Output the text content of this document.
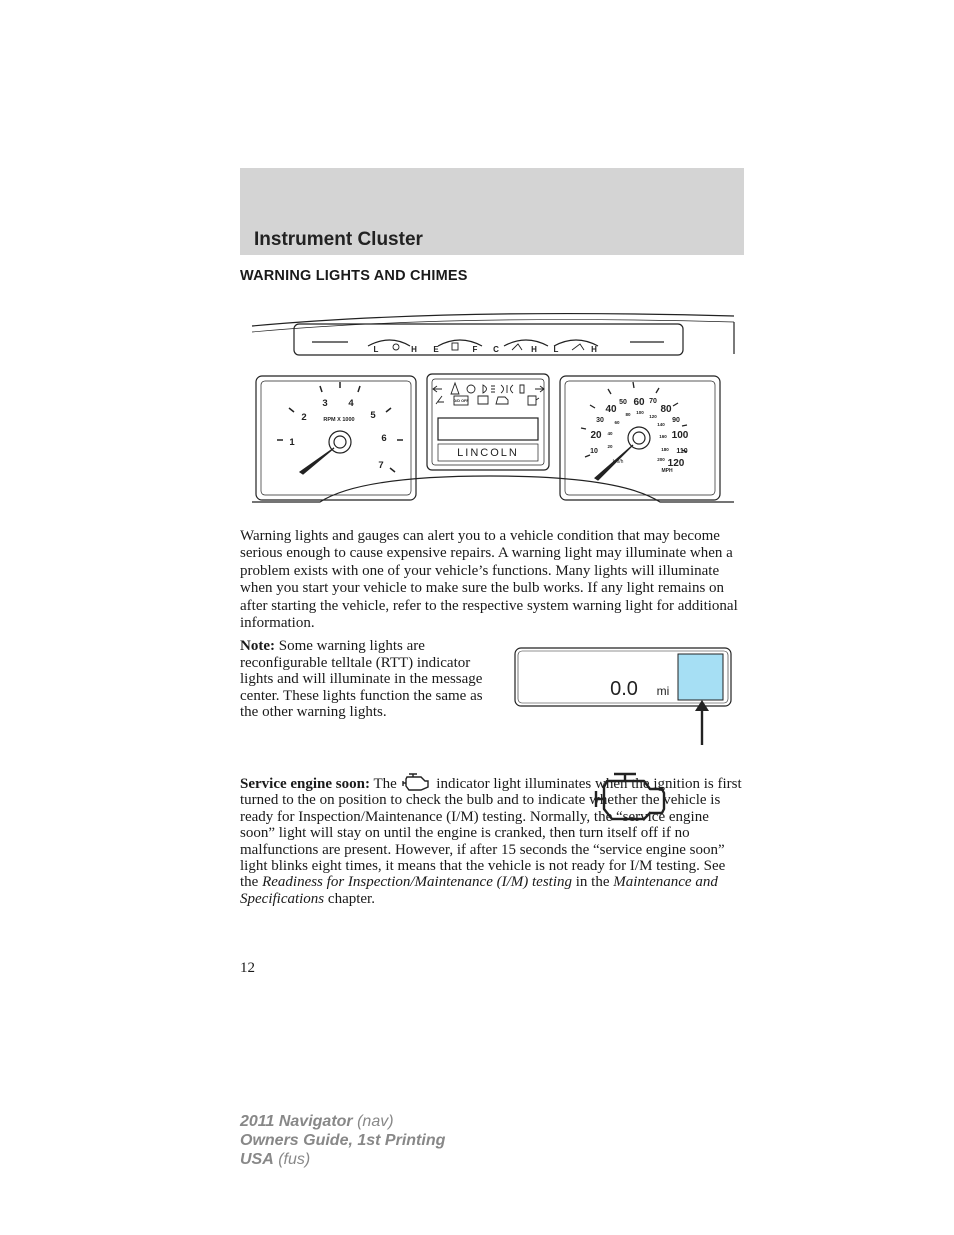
Instrument Cluster
WARNING LIGHTS AND CHIMES
L	H E	F C	H L	H
1
2
3 4
5
6
7
RPM X 1000
O/D OFF
LINCOLN	10
20
30
40
50 60 70
80
90
100
110
120
20
40
60
80 100
120
140
160
180
200
km/h
MPH

Warning lights and gauges can alert you to a vehicle condition that may become serious enough to cause expensive repairs. A warning light may illuminate when a problem exists with one of your vehicle’s functions. Many lights will illuminate when you start your vehicle to make sure the bulb works. If any light remains on after starting the vehicle, refer to the respective system warning light for additional information.

Note: Some warning lights are reconfigurable telltale (RTT) indicator lights and will illuminate in the message center. These lights function the same as the other warning lights.

0.0 mi

Service engine soon: The  indicator light illuminates when the ignition is first turned to the on position to check the bulb and to indicate whether the vehicle is ready for Inspection/Maintenance (I/M) testing. Normally, the “service engine soon” light will stay on until the engine is cranked, then turn itself off if no malfunctions are present. However, if after 15 seconds the “service engine soon” light blinks eight times, it means that the vehicle is not ready for I/M testing. See the Readiness for Inspection/Maintenance (I/M) testing in the Maintenance and Specifications chapter.

12
2011 Navigator (nav)
Owners Guide, 1st Printing
USA (fus)
